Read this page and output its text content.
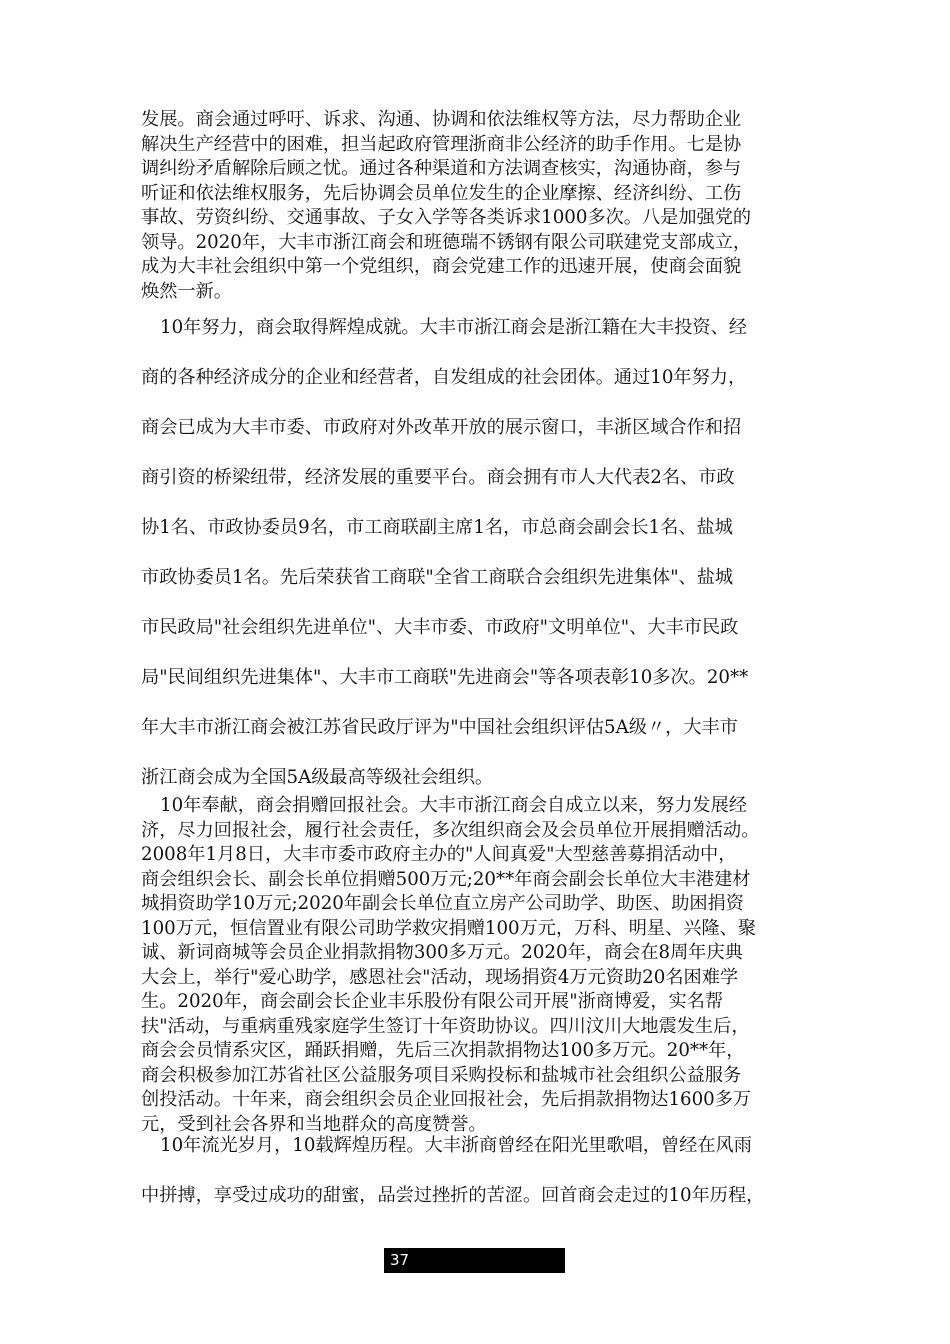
发展。商会通过呼吁、诉求、沟通、协调和依法维权等方法，尽力帮助企业
解决生产经营中的困难，担当起政府管理浙商非公经济的助手作用。七是协
调纠纷矛盾解除后顾之忧。通过各种渠道和方法调查核实，沟通协商，参与
听证和依法维权服务，先后协调会员单位发生的企业摩擦、经济纠纷、工伤
事故、劳资纠纷、交通事故、子女入学等各类诉求1000多次。八是加强党的
领导。2020年，大丰市浙江商会和班德瑞不锈钢有限公司联建党支部成立，
成为大丰社会组织中第一个党组织，商会党建工作的迅速开展，使商会面貌
焕然一新。
10年努力，商会取得辉煌成就。大丰市浙江商会是浙江籍在大丰投资、经
商的各种经济成分的企业和经营者，自发组成的社会团体。通过10年努力，
商会已成为大丰市委、市政府对外改革开放的展示窗口，丰浙区域合作和招
商引资的桥梁纽带，经济发展的重要平台。商会拥有市人大代表2名、市政
协1名、市政协委员9名，市工商联副主席1名，市总商会副会长1名、盐城
市政协委员1名。先后荣获省工商联"全省工商联合会组织先进集体"、盐城
市民政局"社会组织先进单位"、大丰市委、市政府"文明单位"、大丰市民政
局"民间组织先进集体"、大丰市工商联"先进商会"等各项表彰10多次。20**
年大丰市浙江商会被江苏省民政厅评为"中国社会组织评估5A级〃，大丰市
浙江商会成为全国5A级最高等级社会组织。
10年奉献，商会捐赠回报社会。大丰市浙江商会自成立以来，努力发展经
济，尽力回报社会，履行社会责任，多次组织商会及会员单位开展捐赠活动。
2008年1月8日，大丰市委市政府主办的"人间真爱"大型慈善募捐活动中，
商会组织会长、副会长单位捐赠500万元;20**年商会副会长单位大丰港建材
城捐资助学10万元;2020年副会长单位直立房产公司助学、助医、助困捐资
100万元，恒信置业有限公司助学救灾捐赠100万元，万科、明星、兴隆、聚
诚、新词商城等会员企业捐款捐物300多万元。2020年，商会在8周年庆典
大会上，举行"爱心助学，感恩社会"活动，现场捐资4万元资助20名困难学
生。2020年，商会副会长企业丰乐股份有限公司开展"浙商博爱，实名帮
扶"活动，与重病重残家庭学生签订十年资助协议。四川汶川大地震发生后，
商会会员情系灾区，踊跃捐赠，先后三次捐款捐物达100多万元。20**年，
商会积极参加江苏省社区公益服务项目采购投标和盐城市社会组织公益服务
创投活动。十年来，商会组织会员企业回报社会，先后捐款捐物达1600多万
元，受到社会各界和当地群众的高度赞誉。
10年流光岁月，10载辉煌历程。大丰浙商曾经在阳光里歌唱，曾经在风雨
中拼搏，享受过成功的甜蜜，品尝过挫折的苦涩。回首商会走过的10年历程，
37
